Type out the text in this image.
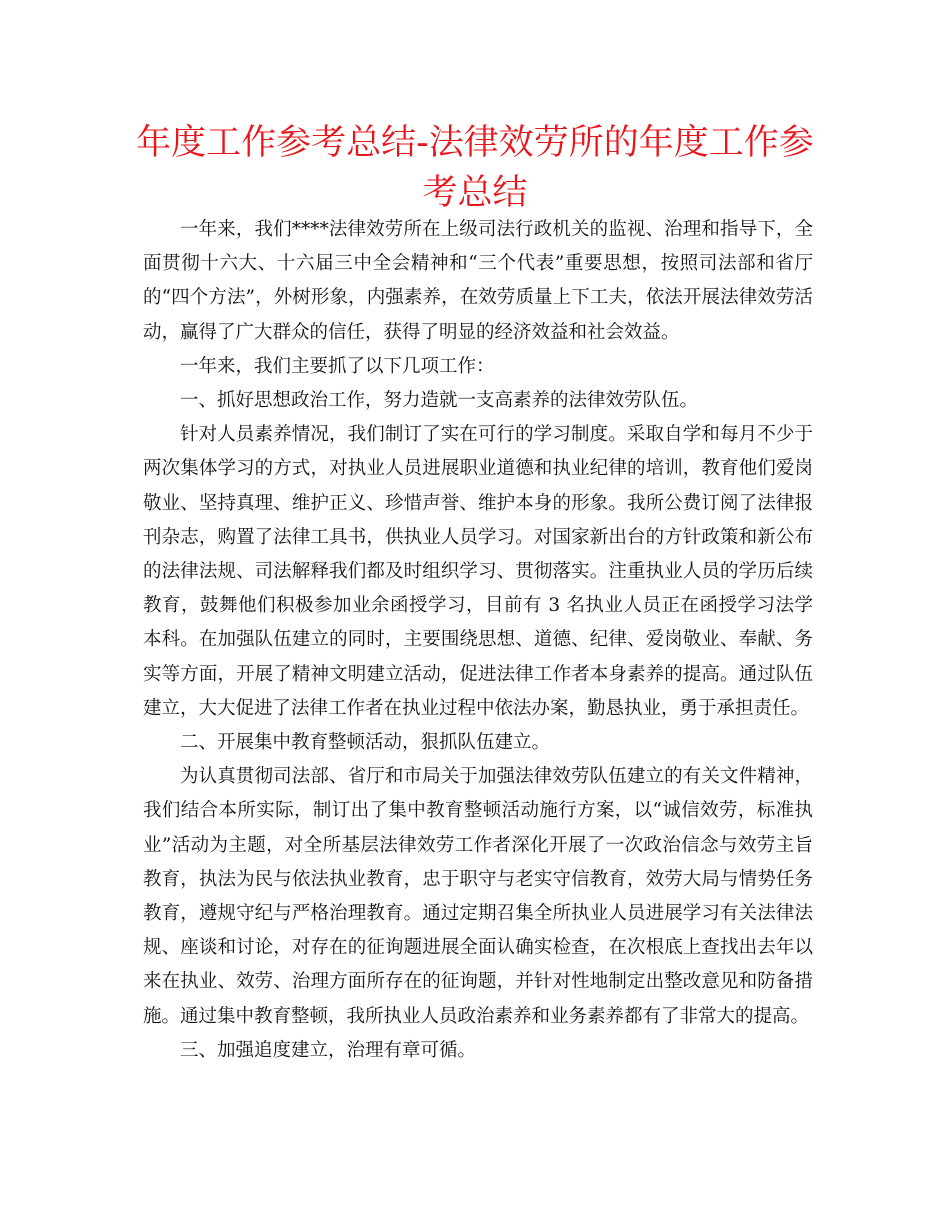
年度工作参考总结-法律效劳所的年度工作参考总结

一年来，我们****法律效劳所在上级司法行政机关的监视、治理和指导下，全面贯彻十六大、十六届三中全会精神和“三个代表”重要思想，按照司法部和省厅的“四个方法”，外树形象，内强素养，在效劳质量上下工夫，依法开展法律效劳活动，赢得了广大群众的信任，获得了明显的经济效益和社会效益。

一年来，我们主要抓了以下几项工作：

一、抓好思想政治工作，努力造就一支高素养的法律效劳队伍。

针对人员素养情况，我们制订了实在可行的学习制度。采取自学和每月不少于两次集体学习的方式，对执业人员进展职业道德和执业纪律的培训，教育他们爱岗敬业、坚持真理、维护正义、珍惜声誉、维护本身的形象。我所公费订阅了法律报刊杂志，购置了法律工具书，供执业人员学习。对国家新出台的方针政策和新公布的法律法规、司法解释我们都及时组织学习、贯彻落实。注重执业人员的学历后续教育，鼓舞他们积极参加业余函授学习，目前有 3 名执业人员正在函授学习法学本科。在加强队伍建立的同时，主要围绕思想、道德、纪律、爱岗敬业、奉献、务实等方面，开展了精神文明建立活动，促进法律工作者本身素养的提高。通过队伍建立，大大促进了法律工作者在执业过程中依法办案，勤恳执业，勇于承担责任。

二、开展集中教育整顿活动，狠抓队伍建立。

为认真贯彻司法部、省厅和市局关于加强法律效劳队伍建立的有关文件精神，我们结合本所实际，制订出了集中教育整顿活动施行方案，以“诚信效劳，标准执业”活动为主题，对全所基层法律效劳工作者深化开展了一次政治信念与效劳主旨教育，执法为民与依法执业教育，忠于职守与老实守信教育，效劳大局与情势任务教育，遵规守纪与严格治理教育。通过定期召集全所执业人员进展学习有关法律法规、座谈和讨论，对存在的征询题进展全面认确实检查，在次根底上查找出去年以来在执业、效劳、治理方面所存在的征询题，并针对性地制定出整改意见和防备措施。通过集中教育整顿，我所执业人员政治素养和业务素养都有了非常大的提高。

三、加强追度建立，治理有章可循。
